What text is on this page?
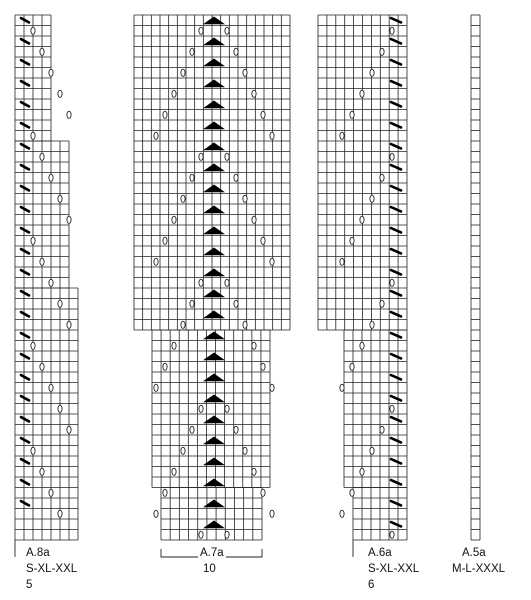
A.8a
S-XL-XXL
5
A.7a
10
A.6a
S-XL-XXL
6
A.5a
M-L-XXXL
